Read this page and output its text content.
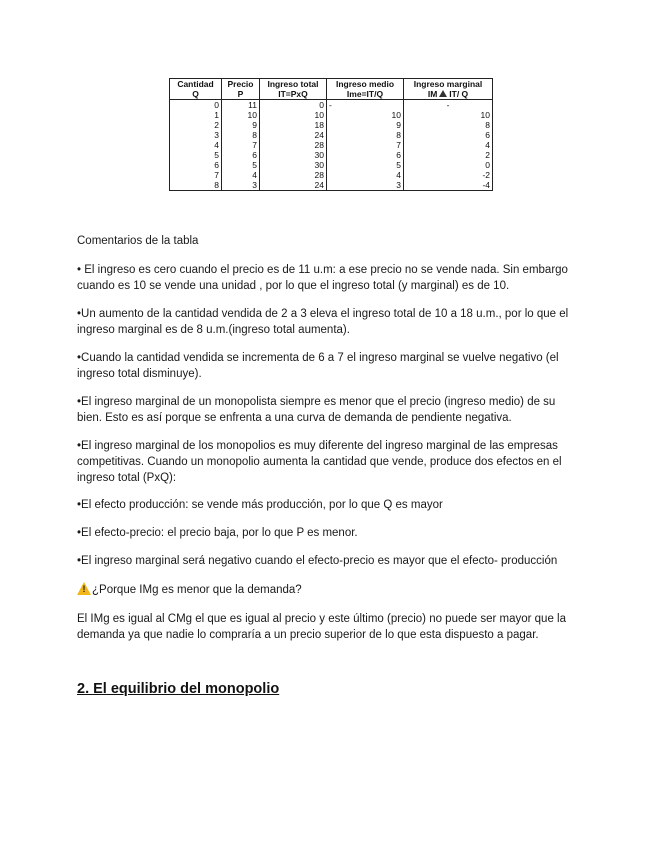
Cantidad	Precio	Ingreso total	Ingreso medio	Ingreso marginal
Q	P	IT=PxQ	Ime=IT/Q	IM IT/ Q
0	11	0	-	-
1	10	10	10	10
2	9	18	9	8
3	8	24	8	6
4	7	28	7	4
5	6	30	6	2
6	5	30	5	0
7	4	28	4	-2
8	3	24	3	-4

Comentarios de la tabla

• El ingreso es cero cuando el precio es de 11 u.m: a ese precio no se vende nada. Sin embargo cuando es 10 se vende una unidad , por lo que el ingreso total (y marginal) es de 10.

•Un aumento de la cantidad vendida de 2 a 3 eleva el ingreso total de 10 a 18 u.m., por lo que el ingreso marginal es de 8 u.m.(ingreso total aumenta).

•Cuando la cantidad vendida se incrementa de 6 a 7 el ingreso marginal se vuelve negativo (el ingreso total disminuye).

•El ingreso marginal de un monopolista siempre es menor que el precio (ingreso medio) de su bien. Esto es así porque se enfrenta a una curva de demanda de pendiente negativa.

•El ingreso marginal de los monopolios es muy diferente del ingreso marginal de las empresas competitivas. Cuando un monopolio aumenta la cantidad que vende, produce dos efectos en el ingreso total (PxQ):

•El efecto producción: se vende más producción, por lo que Q es mayor

•El efecto-precio: el precio baja, por lo que P es menor.

•El ingreso marginal será negativo cuando el efecto-precio es mayor que el efecto- producción

! ¿Porque IMg es menor que la demanda?

El IMg es igual al CMg el que es igual al precio y este último (precio) no puede ser mayor que la demanda ya que nadie lo compraría a un precio superior de lo que esta dispuesto a pagar.

2. El equilibrio del monopolio
